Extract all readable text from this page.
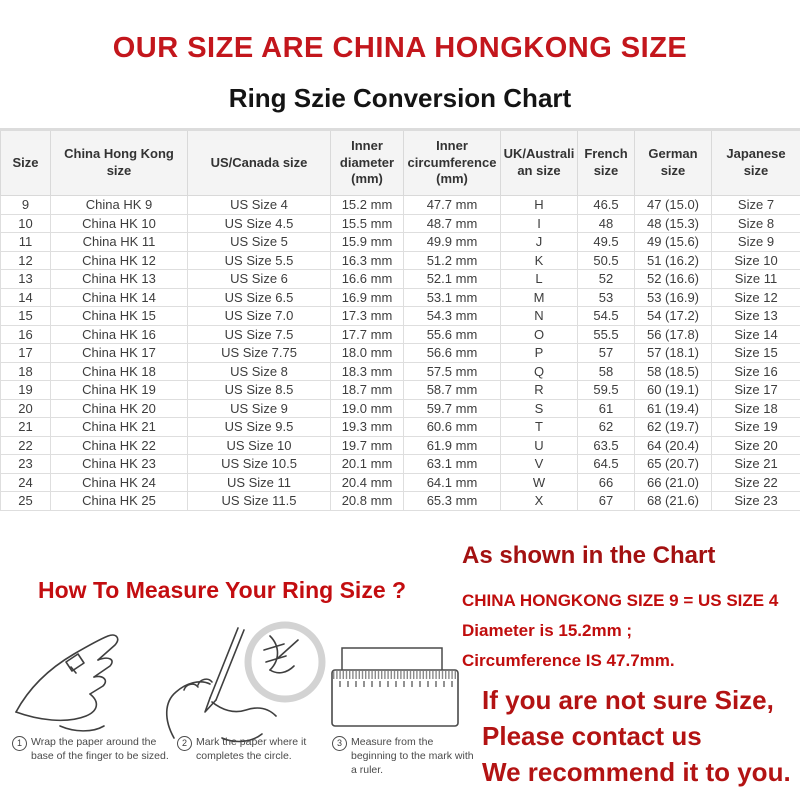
OUR SIZE ARE CHINA HONGKONG SIZE
Ring Szie Conversion Chart
Size	China Hong Kong size	US/Canada size	Inner diameter (mm)	Inner circumference (mm)	UK/Australian size	French size	German size	Japanese size
9	China HK 9	US Size 4	15.2 mm	47.7 mm	H	46.5	47 (15.0)	Size 7
10	China HK 10	US Size 4.5	15.5 mm	48.7 mm	I	48	48 (15.3)	Size 8
11	China HK 11	US Size 5	15.9 mm	49.9 mm	J	49.5	49 (15.6)	Size 9
12	China HK 12	US Size 5.5	16.3 mm	51.2 mm	K	50.5	51 (16.2)	Size 10
13	China HK 13	US Size 6	16.6 mm	52.1 mm	L	52	52 (16.6)	Size 11
14	China HK 14	US Size 6.5	16.9 mm	53.1 mm	M	53	53 (16.9)	Size 12
15	China HK 15	US Size 7.0	17.3 mm	54.3 mm	N	54.5	54 (17.2)	Size 13
16	China HK 16	US Size 7.5	17.7 mm	55.6 mm	O	55.5	56 (17.8)	Size 14
17	China HK 17	US Size 7.75	18.0 mm	56.6 mm	P	57	57 (18.1)	Size 15
18	China HK 18	US Size 8	18.3 mm	57.5 mm	Q	58	58 (18.5)	Size 16
19	China HK 19	US Size 8.5	18.7 mm	58.7 mm	R	59.5	60 (19.1)	Size 17
20	China HK 20	US Size 9	19.0 mm	59.7 mm	S	61	61 (19.4)	Size 18
21	China HK 21	US Size 9.5	19.3 mm	60.6 mm	T	62	62 (19.7)	Size 19
22	China HK 22	US Size 10	19.7 mm	61.9 mm	U	63.5	64 (20.4)	Size 20
23	China HK 23	US Size 10.5	20.1 mm	63.1 mm	V	64.5	65 (20.7)	Size 21
24	China HK 24	US Size 11	20.4 mm	64.1 mm	W	66	66 (21.0)	Size 22
25	China HK 25	US Size 11.5	20.8 mm	65.3 mm	X	67	68 (21.6)	Size 23
How To Measure Your Ring Size ?
1 Wrap the paper around the base of the finger to be sized.
2 Mark the paper where it completes the circle.
3 Measure from the beginning to the mark with a ruler.
As shown in the Chart
CHINA HONGKONG SIZE 9 = US SIZE 4
Diameter is 15.2mm ;
Circumference IS 47.7mm.
If you are not sure Size,
Please contact us
We recommend it to you.
